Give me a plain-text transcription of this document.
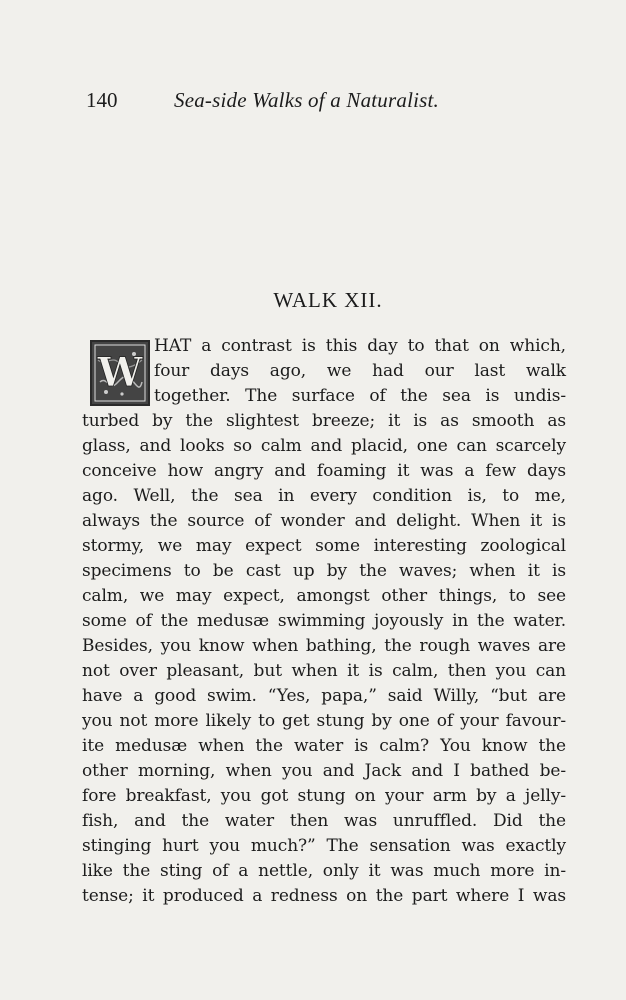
140	Sea-side Walks of a Naturalist.
WALK XII.
W
HAT a contrast is this day to that on which,
four days ago, we had our last walk
together. The surface of the sea is undis-
turbed by the slightest breeze; it is as smooth as
glass, and looks so calm and placid, one can scarcely
conceive how angry and foaming it was a few days
ago. Well, the sea in every condition is, to me,
always the source of wonder and delight. When it is
stormy, we may expect some interesting zoological
specimens to be cast up by the waves; when it is
calm, we may expect, amongst other things, to see
some of the medusæ swimming joyously in the water.
Besides, you know when bathing, the rough waves are
not over pleasant, but when it is calm, then you can
have a good swim. “Yes, papa,” said Willy, “but are
you not more likely to get stung by one of your favour-
ite medusæ when the water is calm? You know the
other morning, when you and Jack and I bathed be-
fore breakfast, you got stung on your arm by a jelly-
fish, and the water then was unruffled. Did the
stinging hurt you much?” The sensation was exactly
like the sting of a nettle, only it was much more in-
tense; it produced a redness on the part where I was
